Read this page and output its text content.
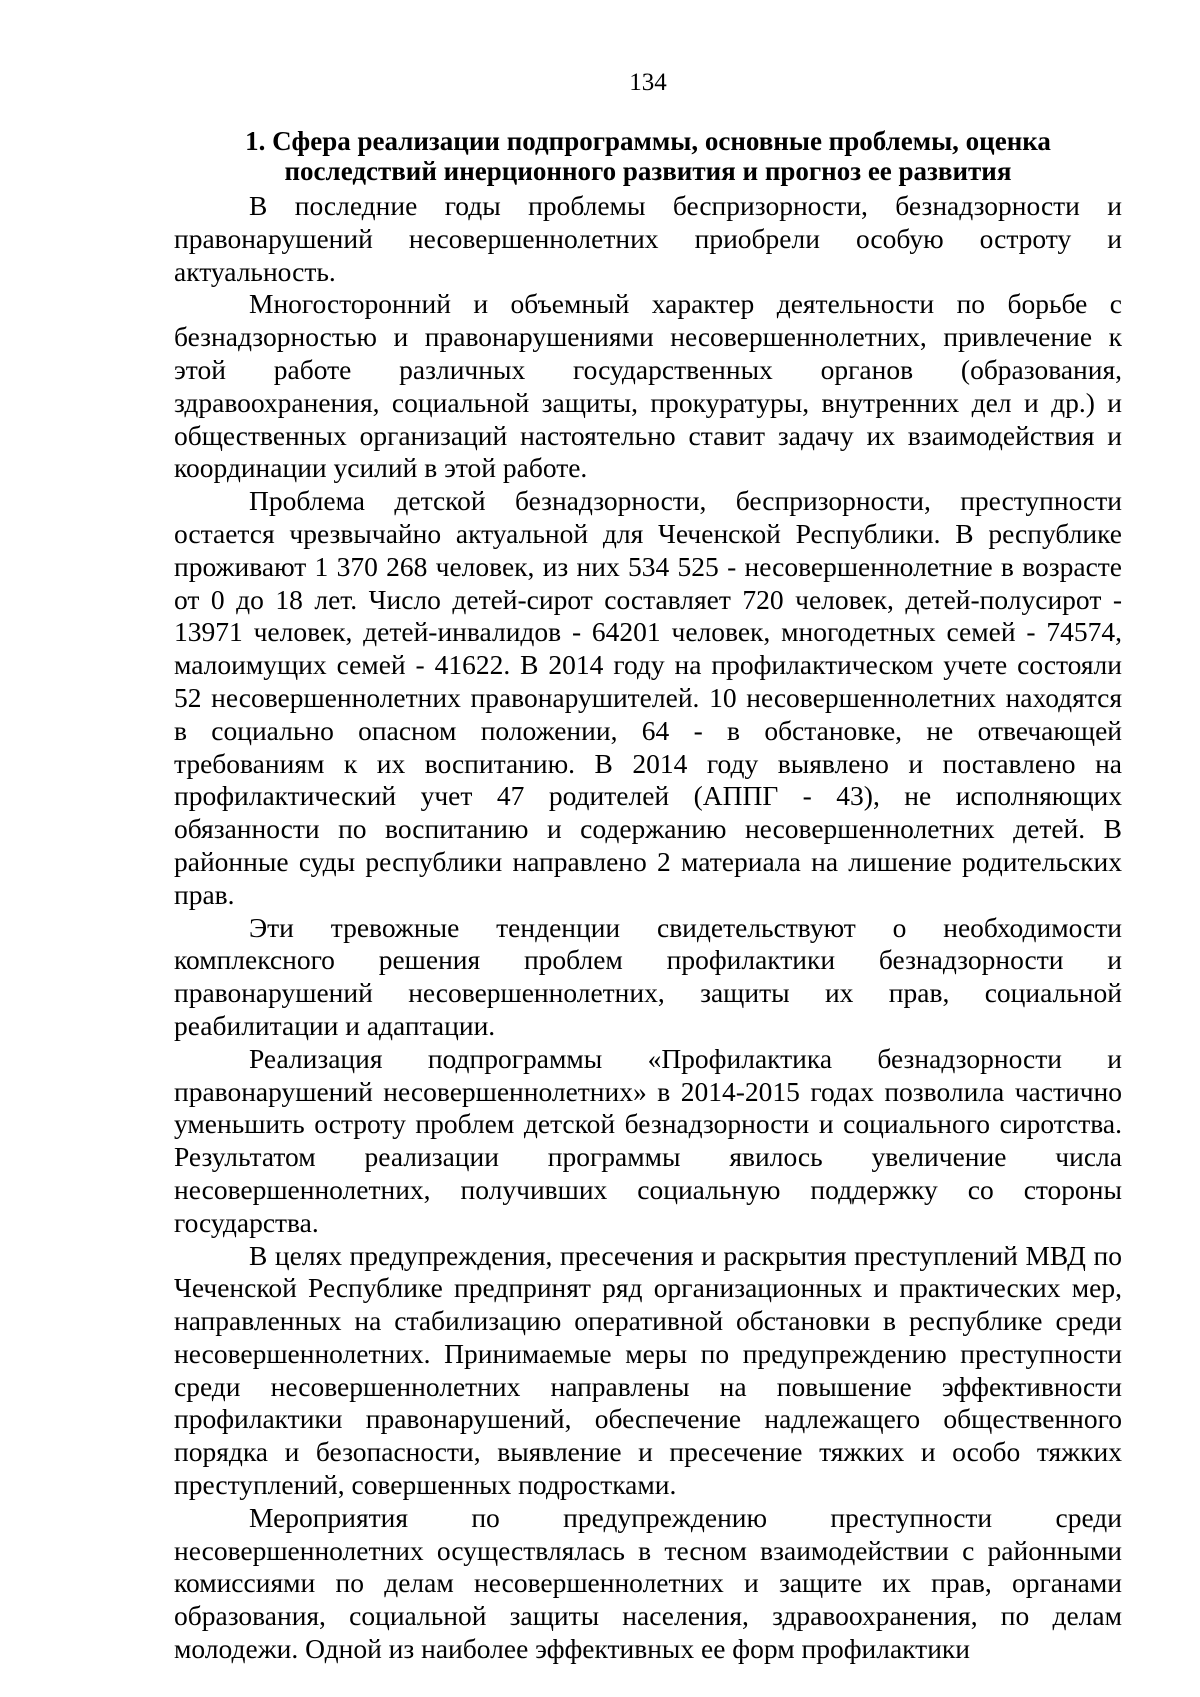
134
1. Сфера реализации подпрограммы, основные проблемы, оценка
последствий инерционного развития и прогноз ее развития

В последние годы проблемы беспризорности, безнадзорности и правонарушений несовершеннолетних приобрели особую остроту и актуальность.

Многосторонний и объемный характер деятельности по борьбе с безнадзорностью и правонарушениями несовершеннолетних, привлечение к этой работе различных государственных органов (образования, здравоохранения, социальной защиты, прокуратуры, внутренних дел и др.) и общественных организаций настоятельно ставит задачу их взаимодействия и координации усилий в этой работе.

Проблема детской безнадзорности, беспризорности, преступности остается чрезвычайно актуальной для Чеченской Республики. В республике проживают 1 370 268 человек, из них 534 525 - несовершеннолетние в возрасте от 0 до 18 лет. Число детей-сирот составляет 720 человек, детей-полусирот - 13971 человек, детей-инвалидов - 64201 человек, многодетных семей - 74574, малоимущих семей - 41622. В 2014 году на профилактическом учете состояли 52 несовершеннолетних правонарушителей. 10 несовершеннолетних находятся в социально опасном положении, 64 - в обстановке, не отвечающей требованиям к их воспитанию. В 2014 году выявлено и поставлено на профилактический учет 47 родителей (АППГ - 43), не исполняющих обязанности по воспитанию и содержанию несовершеннолетних детей. В районные суды республики направлено 2 материала на лишение родительских прав.

Эти тревожные тенденции свидетельствуют о необходимости комплексного решения проблем профилактики безнадзорности и правонарушений несовершеннолетних, защиты их прав, социальной реабилитации и адаптации.

Реализация подпрограммы «Профилактика безнадзорности и правонарушений несовершеннолетних» в 2014-2015 годах позволила частично уменьшить остроту проблем детской безнадзорности и социального сиротства. Результатом реализации программы явилось увеличение числа несовершеннолетних, получивших социальную поддержку со стороны государства.

В целях предупреждения, пресечения и раскрытия преступлений МВД по Чеченской Республике предпринят ряд организационных и практических мер, направленных на стабилизацию оперативной обстановки в республике среди несовершеннолетних. Принимаемые меры по предупреждению преступности среди несовершеннолетних направлены на повышение эффективности профилактики правонарушений, обеспечение надлежащего общественного порядка и безопасности, выявление и пресечение тяжких и особо тяжких преступлений, совершенных подростками.

Мероприятия по предупреждению преступности среди несовершеннолетних осуществлялась в тесном взаимодействии с районными комиссиями по делам несовершеннолетних и защите их прав, органами образования, социальной защиты населения, здравоохранения, по делам молодежи. Одной из наиболее эффективных ее форм профилактики
